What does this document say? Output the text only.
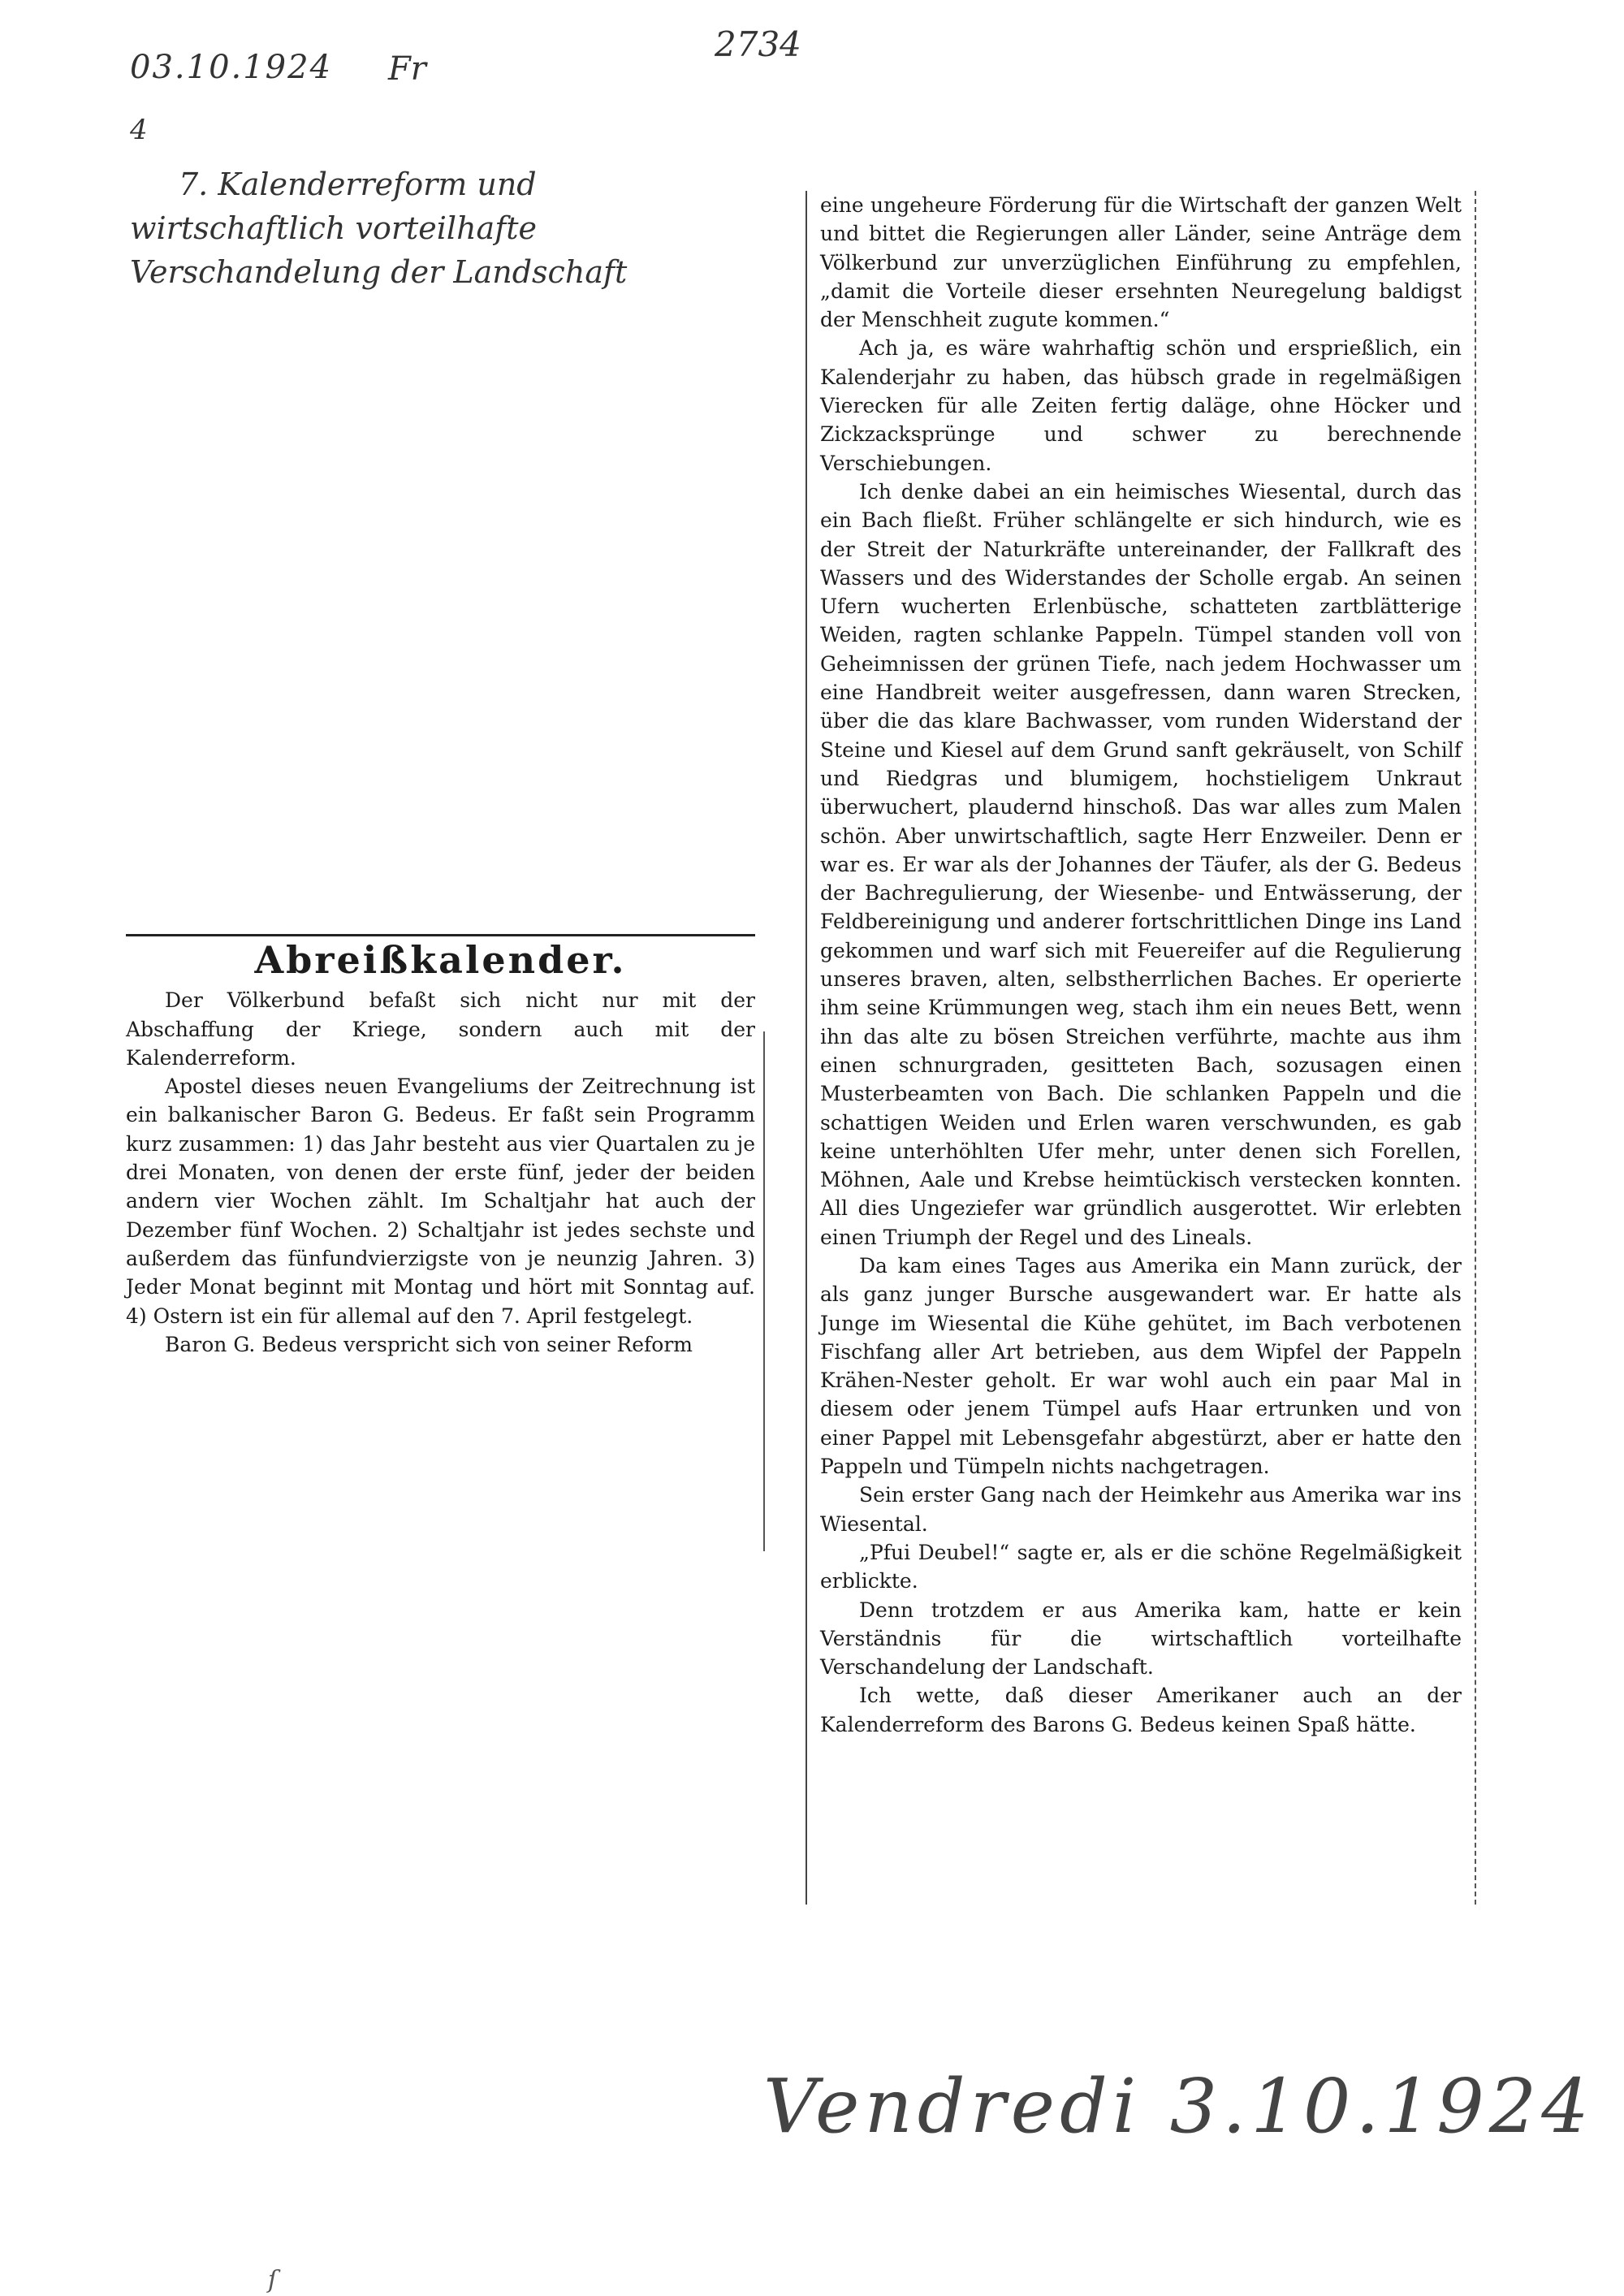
03.10.1924 Fr
2734
4
7. Kalenderreform und
wirtschaftlich vorteilhafte
Verschandelung der Landschaft
Abreißkalender.

Der Völkerbund befaßt sich nicht nur mit der Abschaffung der Kriege, sondern auch mit der Kalenderreform.

Apostel dieses neuen Evangeliums der Zeitrechnung ist ein balkanischer Baron G. Bedeus. Er faßt sein Programm kurz zusammen: 1) das Jahr besteht aus vier Quartalen zu je drei Monaten, von denen der erste fünf, jeder der beiden andern vier Wochen zählt. Im Schaltjahr hat auch der Dezember fünf Wochen. 2) Schaltjahr ist jedes sechste und außerdem das fünfundvierzigste von je neunzig Jahren. 3) Jeder Monat beginnt mit Montag und hört mit Sonntag auf. 4) Ostern ist ein für allemal auf den 7. April festgelegt.

Baron G. Bedeus verspricht sich von seiner Reform

eine ungeheure Förderung für die Wirtschaft der ganzen Welt und bittet die Regierungen aller Länder, seine Anträge dem Völkerbund zur unverzüglichen Einführung zu empfehlen, „damit die Vorteile dieser ersehnten Neuregelung baldigst der Menschheit zugute kommen.“

Ach ja, es wäre wahrhaftig schön und ersprießlich, ein Kalenderjahr zu haben, das hübsch grade in regelmäßigen Vierecken für alle Zeiten fertig daläge, ohne Höcker und Zickzacksprünge und schwer zu berechnende Verschiebungen.

Ich denke dabei an ein heimisches Wiesental, durch das ein Bach fließt. Früher schlängelte er sich hindurch, wie es der Streit der Naturkräfte untereinander, der Fallkraft des Wassers und des Widerstandes der Scholle ergab. An seinen Ufern wucherten Erlenbüsche, schatteten zartblätterige Weiden, ragten schlanke Pappeln. Tümpel standen voll von Geheimnissen der grünen Tiefe, nach jedem Hochwasser um eine Handbreit weiter ausgefressen, dann waren Strecken, über die das klare Bachwasser, vom runden Widerstand der Steine und Kiesel auf dem Grund sanft gekräuselt, von Schilf und Riedgras und blumigem, hochstieligem Unkraut überwuchert, plaudernd hinschoß. Das war alles zum Malen schön. Aber unwirtschaftlich, sagte Herr Enzweiler. Denn er war es. Er war als der Johannes der Täufer, als der G. Bedeus der Bachregulierung, der Wiesenbe- und Entwässerung, der Feldbereinigung und anderer fortschrittlichen Dinge ins Land gekommen und warf sich mit Feuereifer auf die Regulierung unseres braven, alten, selbstherrlichen Baches. Er operierte ihm seine Krümmungen weg, stach ihm ein neues Bett, wenn ihn das alte zu bösen Streichen verführte, machte aus ihm einen schnurgraden, gesitteten Bach, sozusagen einen Musterbeamten von Bach. Die schlanken Pappeln und die schattigen Weiden und Erlen waren verschwunden, es gab keine unterhöhlten Ufer mehr, unter denen sich Forellen, Möhnen, Aale und Krebse heimtückisch verstecken konnten. All dies Ungeziefer war gründlich ausgerottet. Wir erlebten einen Triumph der Regel und des Lineals.

Da kam eines Tages aus Amerika ein Mann zurück, der als ganz junger Bursche ausgewandert war. Er hatte als Junge im Wiesental die Kühe gehütet, im Bach verbotenen Fischfang aller Art betrieben, aus dem Wipfel der Pappeln Krähen-Nester geholt. Er war wohl auch ein paar Mal in diesem oder jenem Tümpel aufs Haar ertrunken und von einer Pappel mit Lebensgefahr abgestürzt, aber er hatte den Pappeln und Tümpeln nichts nachgetragen.

Sein erster Gang nach der Heimkehr aus Amerika war ins Wiesental.

„Pfui Deubel!“ sagte er, als er die schöne Regelmäßigkeit erblickte.

Denn trotzdem er aus Amerika kam, hatte er kein Verständnis für die wirtschaftlich vorteilhafte Verschandelung der Landschaft.

Ich wette, daß dieser Amerikaner auch an der Kalenderreform des Barons G. Bedeus keinen Spaß hätte.

Vendredi 3.10.1924
ſ
